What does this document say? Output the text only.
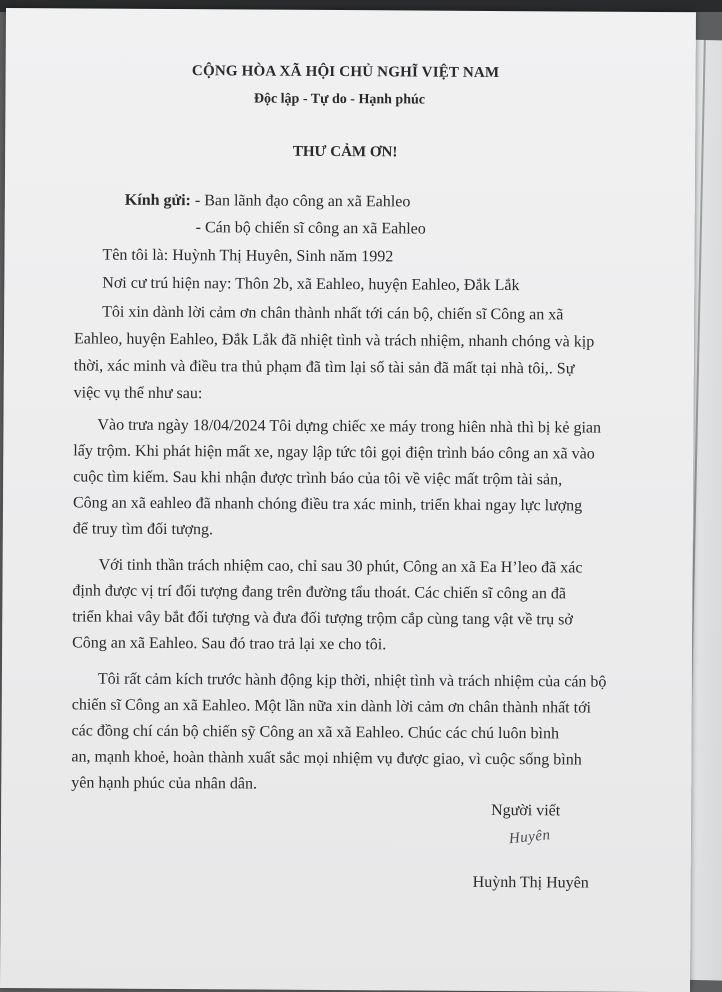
CỘNG HÒA XÃ HỘI CHỦ NGHĨ VIỆT NAM
Độc lập - Tự do - Hạnh phúc
THƯ CẢM ƠN!
Kính gửi: - Ban lãnh đạo công an xã Eahleo
- Cán bộ chiến sĩ công an xã Eahleo
Tên tôi là: Huỳnh Thị Huyên, Sinh năm 1992
Nơi cư trú hiện nay: Thôn 2b, xã Eahleo, huyện Eahleo, Đắk Lắk
Tôi xin dành lời cảm ơn chân thành nhất tới cán bộ, chiến sĩ Công an xã
Eahleo, huyện Eahleo, Đắk Lắk đã nhiệt tình và trách nhiệm, nhanh chóng và kịp
thời, xác minh và điều tra thủ phạm đã tìm lại số tài sản đã mất tại nhà tôi,. Sự
việc vụ thể như sau:
Vào trưa ngày 18/04/2024 Tôi dựng chiếc xe máy trong hiên nhà thì bị kẻ gian
lấy trộm. Khi phát hiện mất xe, ngay lập tức tôi gọi điện trình báo công an xã vào
cuộc tìm kiếm. Sau khi nhận được trình báo của tôi về việc mất trộm tài sản,
Công an xã eahleo đã nhanh chóng điều tra xác minh, triển khai ngay lực lượng
để truy tìm đối tượng.
Với tinh thần trách nhiệm cao, chỉ sau 30 phút, Công an xã Ea H’leo đã xác
định được vị trí đối tượng đang trên đường tẩu thoát. Các chiến sĩ công an đã
triển khai vây bắt đối tượng và đưa đối tượng trộm cắp cùng tang vật về trụ sở
Công an xã Eahleo. Sau đó trao trả lại xe cho tôi.
Tôi rất cảm kích trước hành động kịp thời, nhiệt tình và trách nhiệm của cán bộ
chiến sĩ Công an xã Eahleo. Một lần nữa xin dành lời cảm ơn chân thành nhất tới
các đồng chí cán bộ chiến sỹ Công an xã xã Eahleo. Chúc các chú luôn bình
an, mạnh khoẻ, hoàn thành xuất sắc mọi nhiệm vụ được giao, vì cuộc sống bình
yên hạnh phúc của nhân dân.
Người viết
Huyên
Huỳnh Thị Huyên
